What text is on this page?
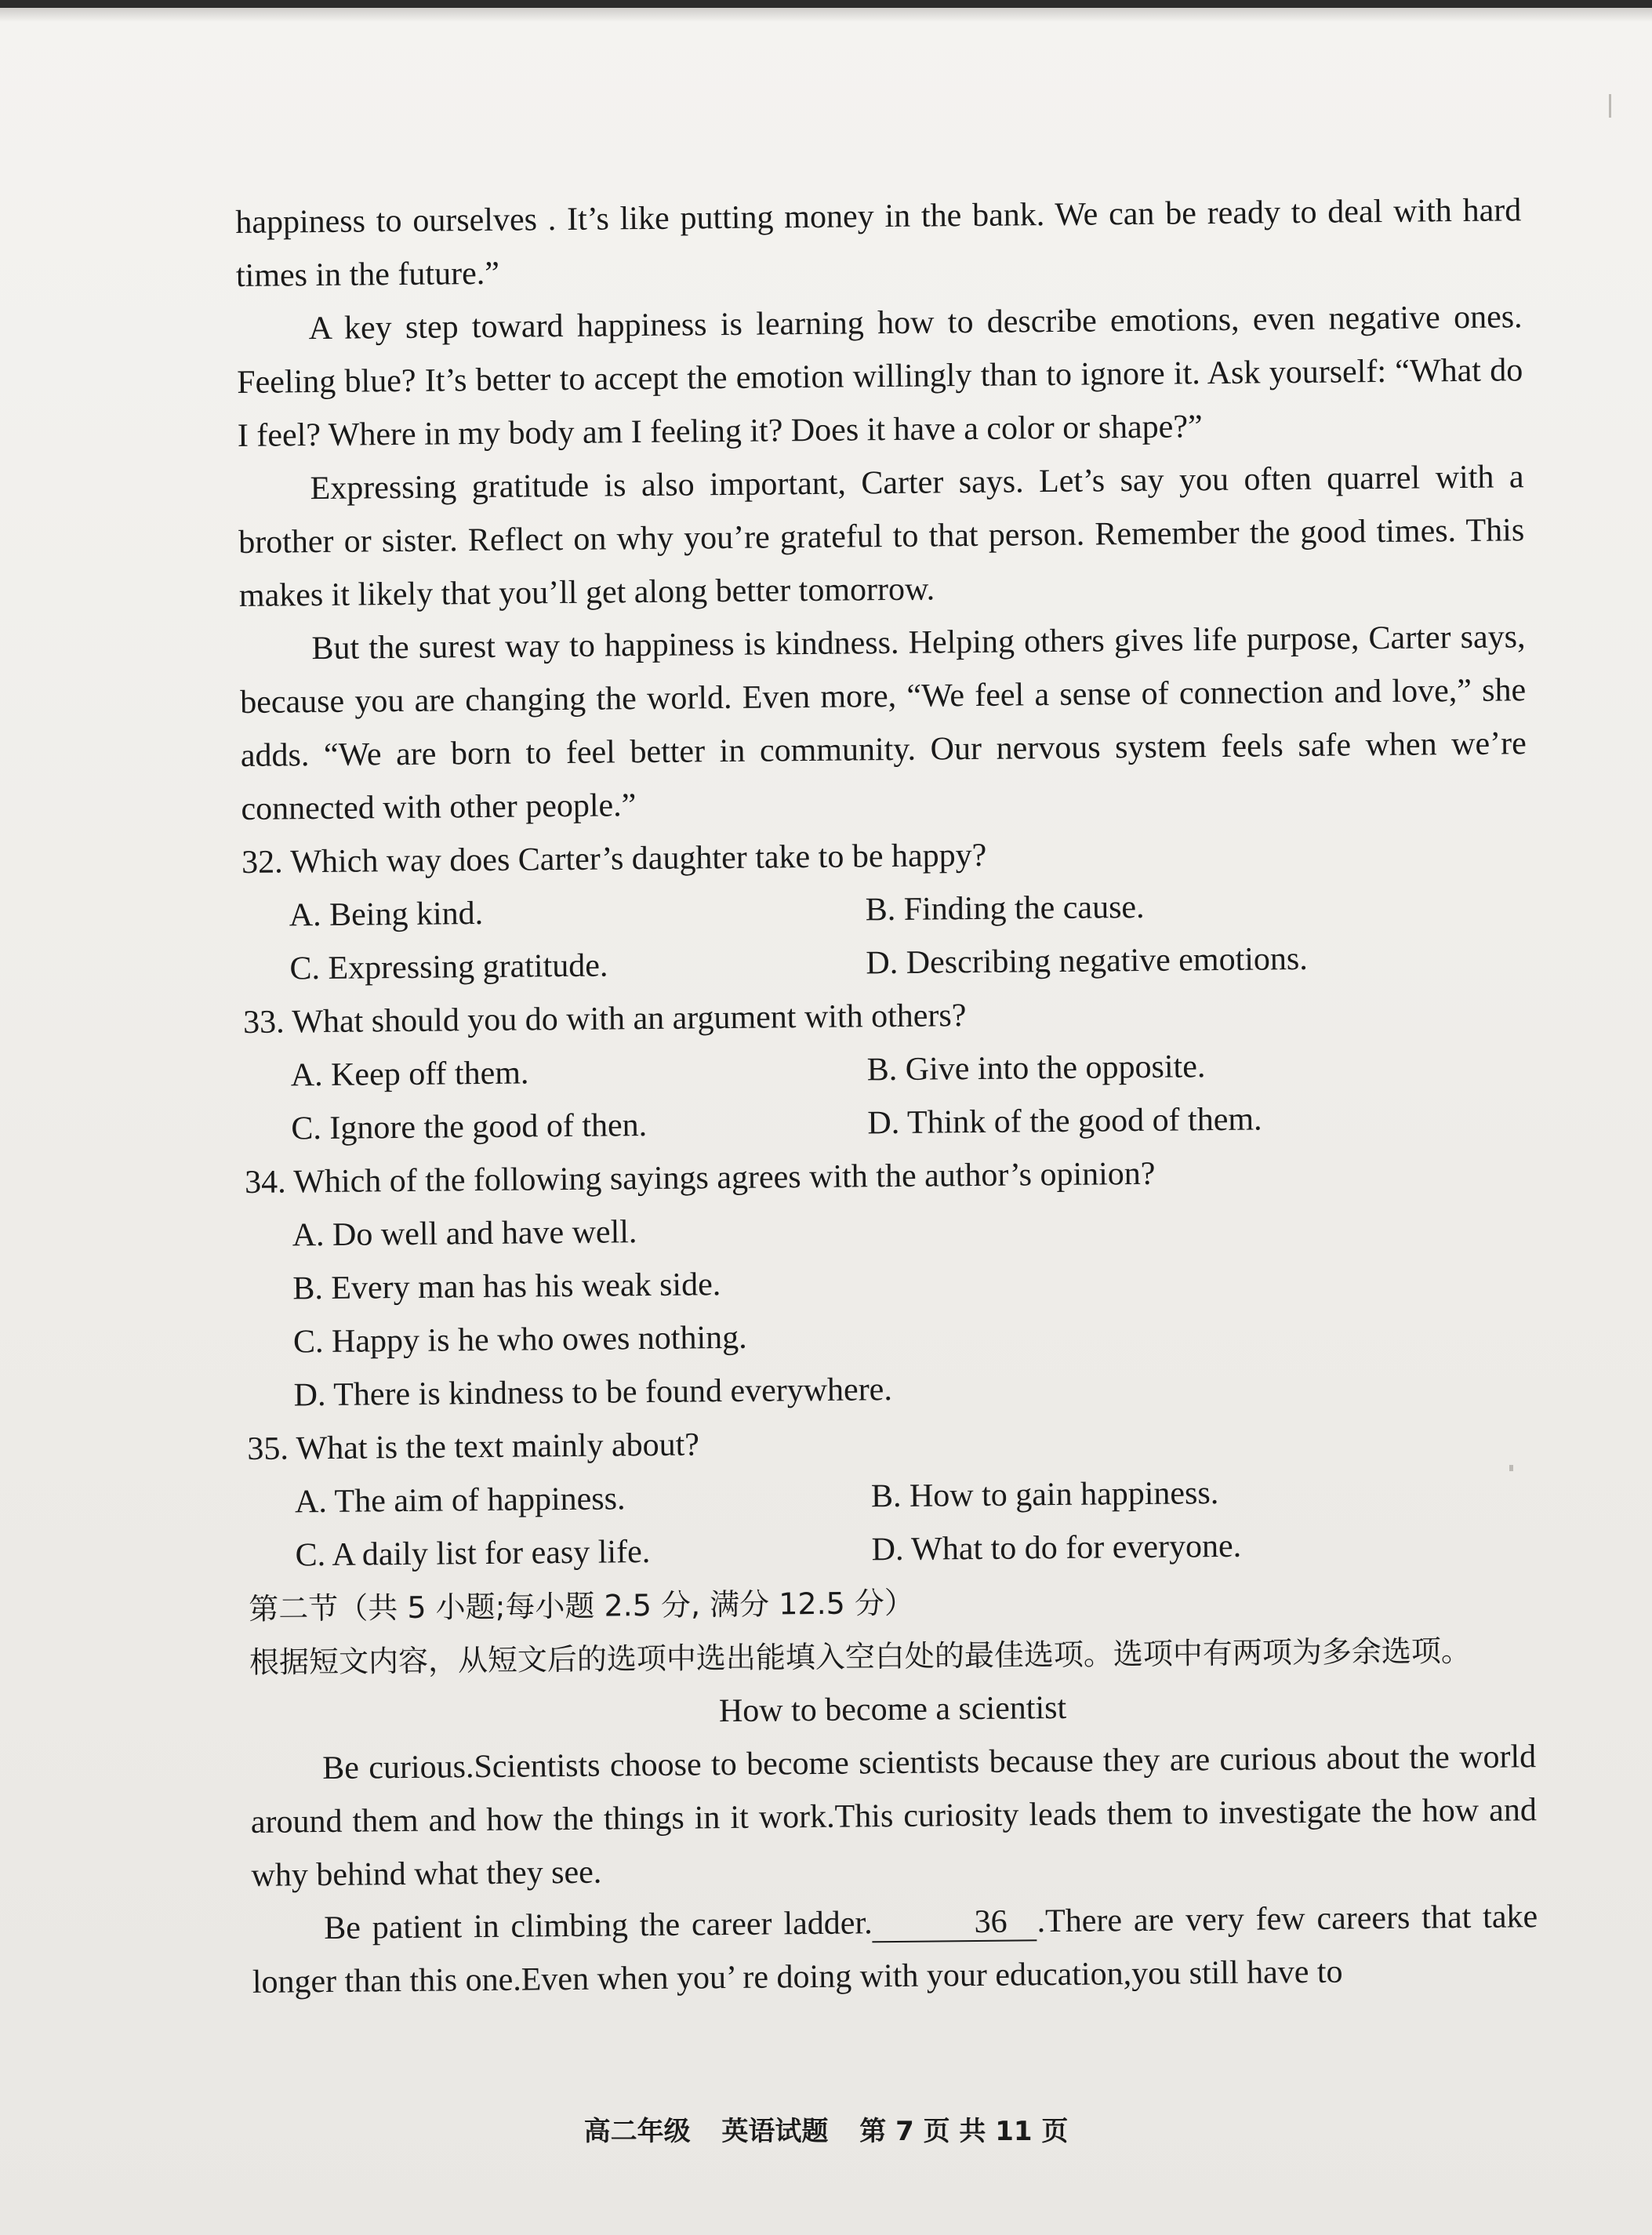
happiness to ourselves . It’s like putting money in the bank. We can be ready to deal with hard times in the future.”

A key step toward happiness is learning how to describe emotions, even negative ones. Feeling blue? It’s better to accept the emotion willingly than to ignore it. Ask yourself: “What do I feel? Where in my body am I feeling it? Does it have a color or shape?”

Expressing gratitude is also important, Carter says. Let’s say you often quarrel with a brother or sister. Reflect on why you’re grateful to that person. Remember the good times. This makes it likely that you’ll get along better tomorrow.

But the surest way to happiness is kindness. Helping others gives life purpose, Carter says, because you are changing the world. Even more, “We feel a sense of connection and love,” she adds. “We are born to feel better in community. Our nervous system feels safe when we’re connected with other people.”

32. Which way does Carter’s daughter take to be happy?

A. Being kind.	B. Finding the cause.

C. Expressing gratitude.	D. Describing negative emotions.

33. What should you do with an argument with others?

A. Keep off them.	B. Give into the opposite.

C. Ignore the good of then.	D. Think of the good of them.

34. Which of the following sayings agrees with the author’s opinion?

A. Do well and have well.

B. Every man has his weak side.

C. Happy is he who owes nothing.

D. There is kindness to be found everywhere.

35. What is the text mainly about?

A. The aim of happiness.	B. How to gain happiness.

C. A daily list for easy life.	D. What to do for everyone.

第二节（共 5 小题;每小题 2.5 分, 满分 12.5 分）

根据短文内容，从短文后的选项中选出能填入空白处的最佳选项。选项中有两项为多余选项。

How to become a scientist

Be curious.Scientists choose to become scientists because they are curious about the world around them and how the things in it work.This curiosity leads them to investigate the how and why behind what they see.

Be patient in climbing the career ladder.	36 .There are very few careers that take longer than this one.Even when you’ re doing with your education,you still have to

高二年级 英语试题 第 7 页 共 11 页
